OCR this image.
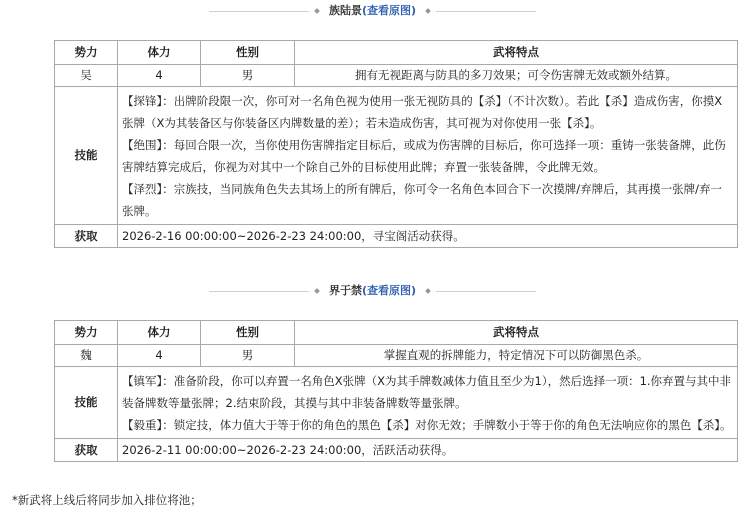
族陆景(查看原图)
势力	体力	性别	武将特点
吴	4	男	拥有无视距离与防具的多刀效果；可令伤害牌无效或额外结算。
技能	【探锋】：出牌阶段限一次，你可对一名角色视为使用一张无视防具的【杀】（不计次数）。若此【杀】造成伤害，你摸X张牌（X为其装备区与你装备区内牌数量的差）；若未造成伤害，其可视为对你使用一张【杀】。

【绝围】：每回合限一次，当你使用伤害牌指定目标后，或成为伤害牌的目标后，你可选择一项：重铸一张装备牌，此伤害牌结算完成后，你视为对其中一个除自己外的目标使用此牌；弃置一张装备牌，令此牌无效。

【泽烈】：宗族技，当同族角色失去其场上的所有牌后，你可令一名角色本回合下一次摸牌/弃牌后，其再摸一张牌/弃一张牌。		

获取	2026-2-16 00:00:00~2026-2-23 24:00:00，寻宝阁活动获得。		
界于禁(查看原图)
势力	体力	性别	武将特点
魏	4	男	掌握直观的拆牌能力，特定情况下可以防御黑色杀。
技能	【镇军】：准备阶段，你可以弃置一名角色X张牌（X为其手牌数减体力值且至少为1），然后选择一项：1.你弃置与其中非装备牌数等量张牌；2.结束阶段，其摸与其中非装备牌数等量张牌。

【毅重】：锁定技，体力值大于等于你的角色的黑色【杀】对你无效；手牌数小于等于你的角色无法响应你的黑色【杀】。		

获取	2026-2-11 00:00:00~2026-2-23 24:00:00，活跃活动获得。		
*新武将上线后将同步加入排位将池；
